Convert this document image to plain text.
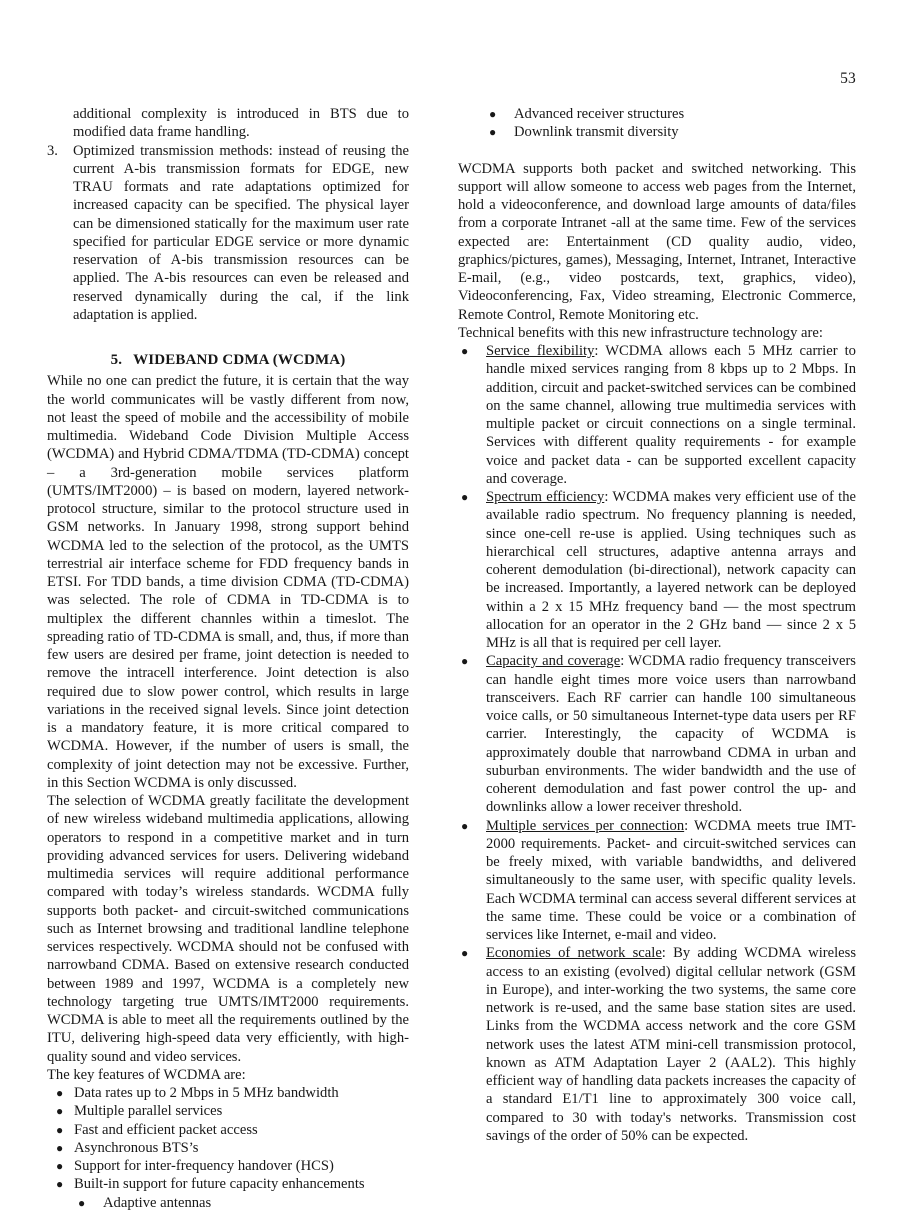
53

additional complexity is introduced in BTS due to modified data frame handling.

3.	Optimized transmission methods: instead of reusing the current A-bis transmission formats for EDGE, new TRAU formats and rate adaptations optimized for increased capacity can be specified. The physical layer can be dimensioned statically for the maximum user rate specified for particular EDGE service or more dynamic reservation of A-bis transmission resources can be applied. The A-bis resources can even be released and reserved dynamically during the cal, if the link adaptation is applied.
5. WIDEBAND CDMA (WCDMA)

While no one can predict the future, it is certain that the way the world communicates will be vastly different from now, not least the speed of mobile and the accessibility of mobile multimedia. Wideband Code Division Multiple Access (WCDMA) and Hybrid CDMA/TDMA (TD-CDMA) concept – a 3rd-generation mobile services platform (UMTS/IMT2000) – is based on modern, layered network-protocol structure, similar to the protocol structure used in GSM networks. In January 1998, strong support behind WCDMA led to the selection of the protocol, as the UMTS terrestrial air interface scheme for FDD frequency bands in ETSI. For TDD bands, a time division CDMA (TD-CDMA) was selected. The role of CDMA in TD-CDMA is to multiplex the different channles within a timeslot. The spreading ratio of TD-CDMA is small, and, thus, if more than few users are desired per frame, joint detection is needed to remove the intracell interference. Joint detection is also required due to slow power control, which results in large variations in the received signal levels. Since joint detection is a mandatory feature, it is more critical compared to WCDMA. However, if the number of users is small, the complexity of joint detection may not be excessive. Further, in this Section WCDMA is only discussed.

The selection of WCDMA greatly facilitate the development of new wireless wideband multimedia applications, allowing operators to respond in a competitive market and in turn providing advanced services for users. Delivering wideband multimedia services will require additional performance compared with today’s wireless standards. WCDMA fully supports both packet- and circuit-switched communications such as Internet browsing and traditional landline telephone services respectively. WCDMA should not be confused with narrowband CDMA. Based on extensive research conducted between 1989 and 1997, WCDMA is a completely new technology targeting true UMTS/IMT2000 requirements. WCDMA is able to meet all the requirements outlined by the ITU, delivering high-speed data very efficiently, with high-quality sound and video services.

The key features of WCDMA are:

● Data rates up to 2 Mbps in 5 MHz bandwidth
● Multiple parallel services
● Fast and efficient packet access
● Asynchronous BTS’s
● Support for inter-frequency handover (HCS)
● Built-in support for future capacity enhancements
● Adaptive antennas
● Advanced receiver structures
● Downlink transmit diversity

WCDMA supports both packet and switched networking. This support will allow someone to access web pages from the Internet, hold a videoconference, and download large amounts of data/files from a corporate Intranet -all at the same time. Few of the services expected are: Entertainment (CD quality audio, video, graphics/pictures, games), Messaging, Internet, Intranet, Interactive E-mail, (e.g., video postcards, text, graphics, video), Videoconferencing, Fax, Video streaming, Electronic Commerce, Remote Control, Remote Monitoring etc.

Technical benefits with this new infrastructure technology are:

● Service flexibility: WCDMA allows each 5 MHz carrier to handle mixed services ranging from 8 kbps up to 2 Mbps. In addition, circuit and packet-switched services can be combined on the same channel, allowing true multimedia services with multiple packet or circuit connections on a single terminal. Services with different quality requirements - for example voice and packet data - can be supported excellent capacity and coverage.
● Spectrum efficiency: WCDMA makes very efficient use of the available radio spectrum. No frequency planning is needed, since one-cell re-use is applied. Using techniques such as hierarchical cell structures, adaptive antenna arrays and coherent demodulation (bi-directional), network capacity can be increased. Importantly, a layered network can be deployed within a 2 x 15 MHz frequency band — the most spectrum allocation for an operator in the 2 GHz band — since 2 x 5 MHz is all that is required per cell layer.
● Capacity and coverage: WCDMA radio frequency transceivers can handle eight times more voice users than narrowband transceivers. Each RF carrier can handle 100 simultaneous voice calls, or 50 simultaneous Internet-type data users per RF carrier. Interestingly, the capacity of WCDMA is approximately double that narrowband CDMA in urban and suburban environments. The wider bandwidth and the use of coherent demodulation and fast power control the up- and downlinks allow a lower receiver threshold.
● Multiple services per connection: WCDMA meets true IMT-2000 requirements. Packet- and circuit-switched services can be freely mixed, with variable bandwidths, and delivered simultaneously to the same user, with specific quality levels. Each WCDMA terminal can access several different services at the same time. These could be voice or a combination of services like Internet, e-mail and video.
● Economies of network scale: By adding WCDMA wireless access to an existing (evolved) digital cellular network (GSM in Europe), and inter-working the two systems, the same core network is re-used, and the same base station sites are used. Links from the WCDMA access network and the core GSM network uses the latest ATM mini-cell transmission protocol, known as ATM Adaptation Layer 2 (AAL2). This highly efficient way of handling data packets increases the capacity of a standard E1/T1 line to approximately 300 voice call, compared to 30 with today's networks. Transmission cost savings of the order of 50% can be expected.
